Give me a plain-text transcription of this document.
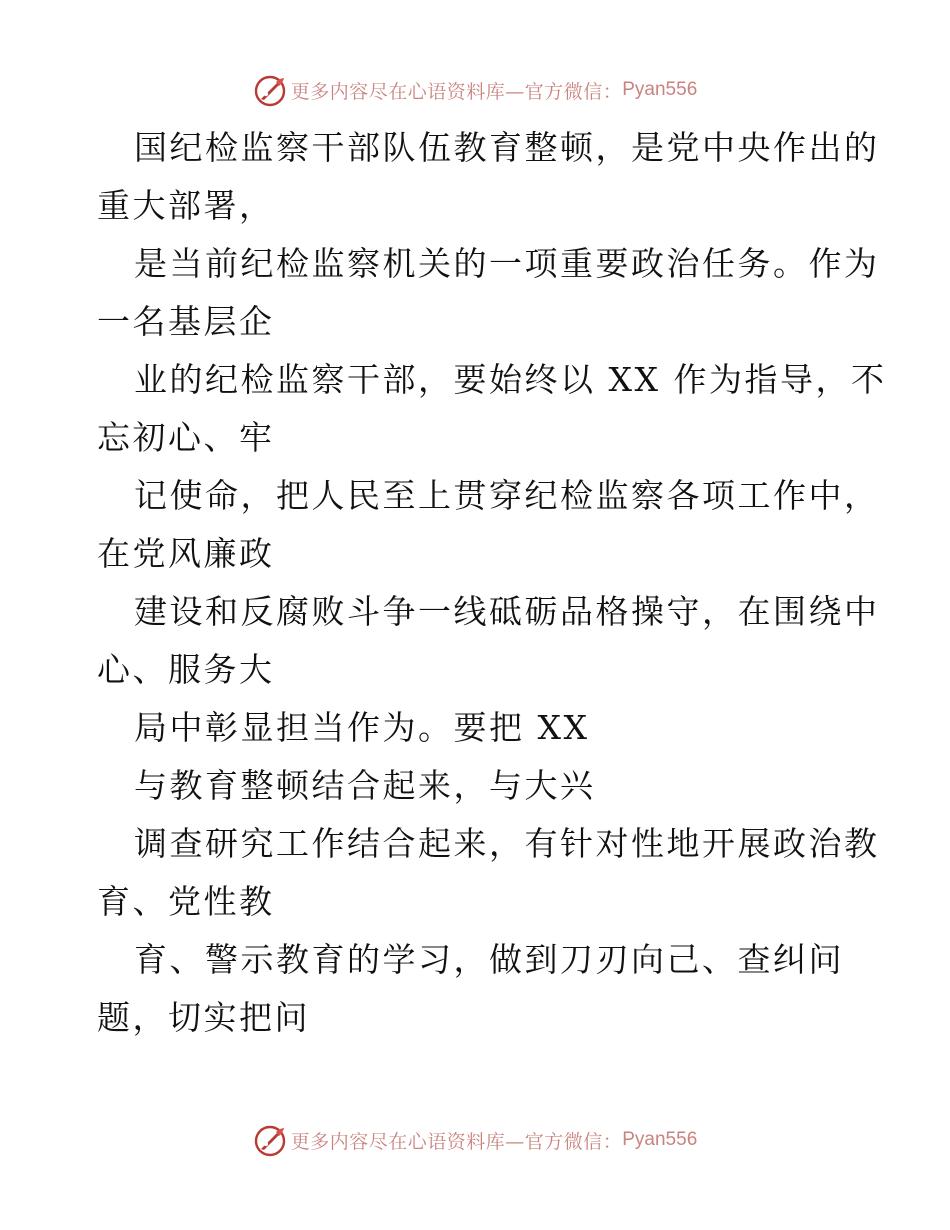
更多内容尽在心语资料库—官方微信： Pyan556
国纪检监察干部队伍教育整顿，是党中央作出的
重大部署，
是当前纪检监察机关的一项重要政治任务。作为
一名基层企
业的纪检监察干部，要始终以 XX 作为指导，不
忘初心、牢
记使命，把人民至上贯穿纪检监察各项工作中，
在党风廉政
建设和反腐败斗争一线砥砺品格操守，在围绕中
心、服务大
局中彰显担当作为。要把 XX
与教育整顿结合起来，与大兴
调查研究工作结合起来，有针对性地开展政治教
育、党性教
育、警示教育的学习，做到刀刃向己、查纠问
题，切实把问
更多内容尽在心语资料库—官方微信： Pyan556
